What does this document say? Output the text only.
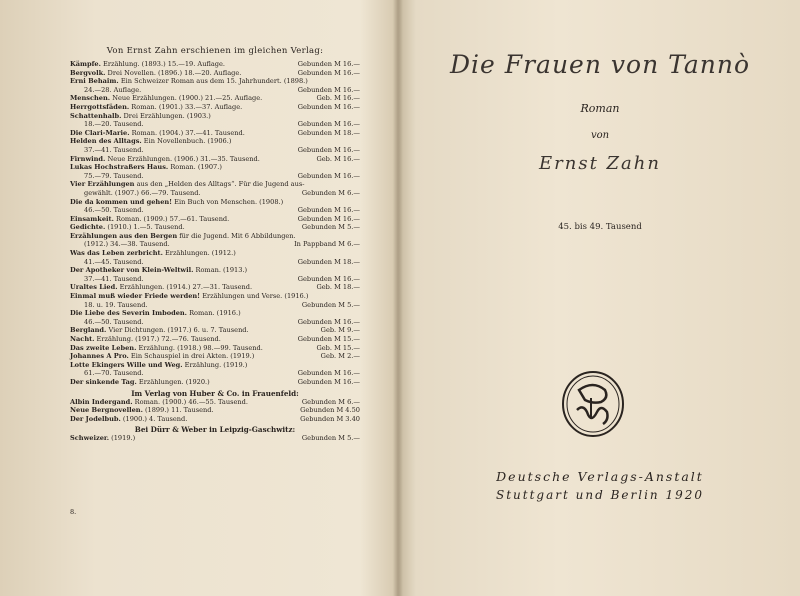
Von Ernst Zahn erschienen im gleichen Verlag:
Kämpfe. Erzählung. (1893.) 15.—19. Auflage.	Gebunden M 16.—
Bergvolk. Drei Novellen. (1896.) 18.—20. Auflage.	Gebunden M 16.—
Erni Behaim. Ein Schweizer Roman aus dem 15. Jahrhundert. (1898.)
24.—28. Auflage.	Gebunden M 16.—
Menschen. Neue Erzählungen. (1900.) 21.—25. Auflage.	Geb. M 16.—
Herrgottsfäden. Roman. (1901.) 33.—37. Auflage.	Gebunden M 16.—
Schattenhalb. Drei Erzählungen. (1903.)
18.—20. Tausend.	Gebunden M 16.—
Die Clari-Marie. Roman. (1904.) 37.—41. Tausend.	Gebunden M 18.—
Helden des Alltags. Ein Novellenbuch. (1906.)
37.—41. Tausend.	Gebunden M 16.—
Firnwind. Neue Erzählungen. (1906.) 31.—35. Tausend.	Geb. M 16.—
Lukas Hochstraßers Haus. Roman. (1907.)
75.—79. Tausend.	Gebunden M 16.—
Vier Erzählungen aus den „Helden des Alltags“. Für die Jugend aus-
gewählt. (1907.) 66.—79. Tausend.	Gebunden M 6.—
Die da kommen und gehen! Ein Buch von Menschen. (1908.)
46.—50. Tausend.	Gebunden M 16.—
Einsamkeit. Roman. (1909.) 57.—61. Tausend.	Gebunden M 16.—
Gedichte. (1910.) 1.—5. Tausend.	Gebunden M 5.—
Erzählungen aus den Bergen für die Jugend. Mit 6 Abbildungen.
(1912.) 34.—38. Tausend.	In Pappband M 6.—
Was das Leben zerbricht. Erzählungen. (1912.)
41.—45. Tausend.	Gebunden M 18.—
Der Apotheker von Klein-Weltwil. Roman. (1913.)
37.—41. Tausend.	Gebunden M 16.—
Uraltes Lied. Erzählungen. (1914.) 27.—31. Tausend.	Geb. M 18.—
Einmal muß wieder Friede werden! Erzählungen und Verse. (1916.)
18. u. 19. Tausend.	Gebunden M 5.—
Die Liebe des Severin Imboden. Roman. (1916.)
46.—50. Tausend.	Gebunden M 16.—
Bergland. Vier Dichtungen. (1917.) 6. u. 7. Tausend.	Geb. M 9.—
Nacht. Erzählung. (1917.) 72.—76. Tausend.	Gebunden M 15.—
Das zweite Leben. Erzählung. (1918.) 98.—99. Tausend.	Geb. M 15.—
Johannes A Pro. Ein Schauspiel in drei Akten. (1919.)	Geb. M 2.—
Lotte Ekingers Wille und Weg. Erzählung. (1919.)
61.—70. Tausend.	Gebunden M 16.—
Der sinkende Tag. Erzählungen. (1920.)	Gebunden M 16.—
Im Verlag von Huber & Co. in Frauenfeld:
Albin Indergand. Roman. (1900.) 46.—55. Tausend.	Gebunden M 6.—
Neue Bergnovellen. (1899.) 11. Tausend.	Gebunden M 4.50
Der Jodelbub. (1900.) 4. Tausend.	Gebunden M 3.40
Bei Dürr & Weber in Leipzig-Gaschwitz:
Schweizer. (1919.)	Gebunden M 5.—
8.
Die Frauen von Tannò
Roman
von
Ernst Zahn
45. bis 49. Tausend
Deutsche Verlags-Anstalt
Stuttgart und Berlin 1920
